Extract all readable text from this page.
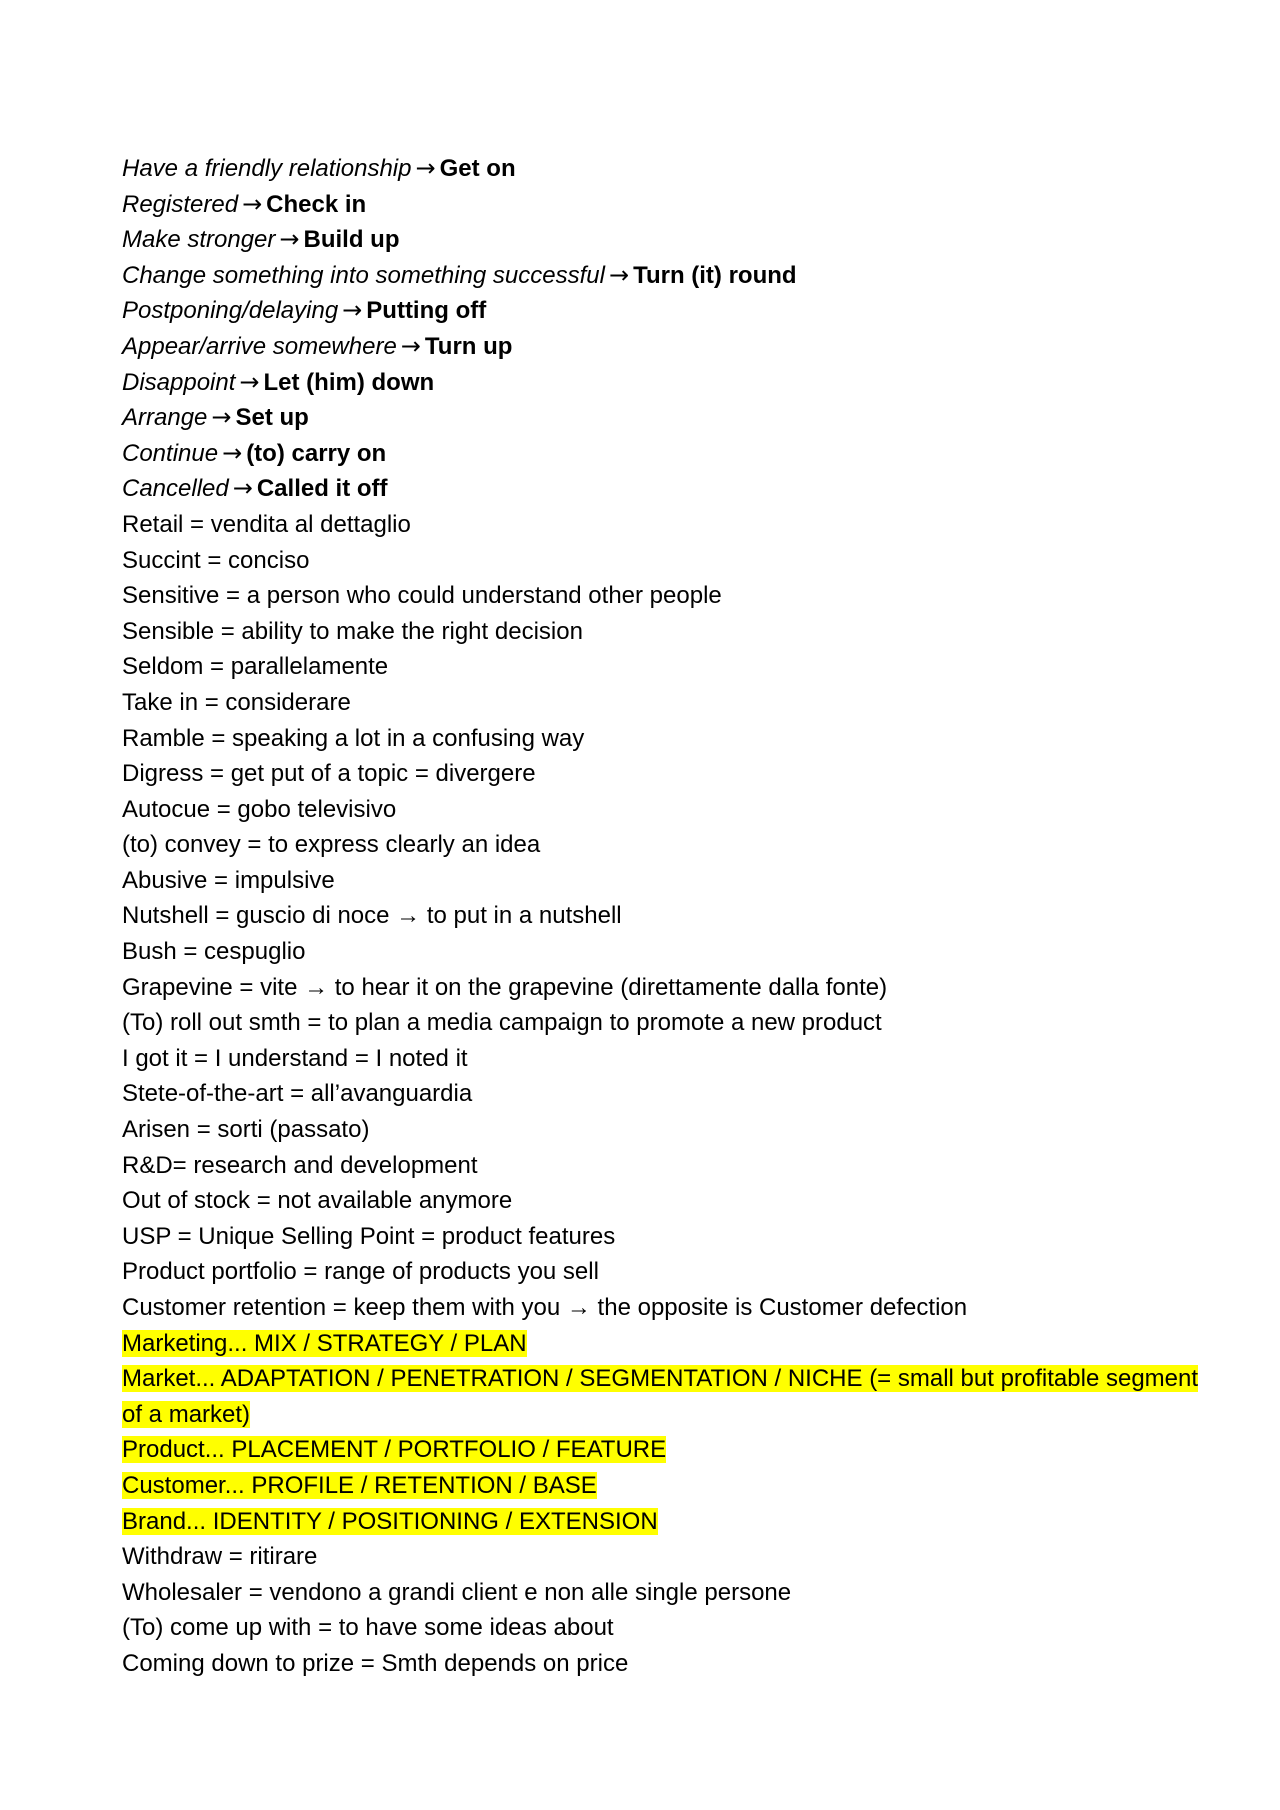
Have a friendly relationship → Get on
Registered → Check in
Make stronger → Build up
Change something into something successful → Turn (it) round
Postponing/delaying → Putting off
Appear/arrive somewhere → Turn up
Disappoint → Let (him) down
Arrange → Set up
Continue → (to) carry on
Cancelled → Called it off
Retail = vendita al dettaglio
Succint = conciso
Sensitive = a person who could understand other people
Sensible = ability to make the right decision
Seldom = parallelamente
Take in = considerare
Ramble = speaking a lot in a confusing way
Digress = get put of a topic = divergere
Autocue = gobo televisivo
(to) convey = to express clearly an idea
Abusive = impulsive
Nutshell = guscio di noce → to put in a nutshell
Bush = cespuglio
Grapevine = vite → to hear it on the grapevine (direttamente dalla fonte)
(To) roll out smth = to plan a media campaign to promote a new product
I got it = I understand = I noted it
Stete-of-the-art = all’avanguardia
Arisen = sorti (passato)
R&D= research and development
Out of stock = not available anymore
USP = Unique Selling Point = product features
Product portfolio = range of products you sell
Customer retention = keep them with you → the opposite is Customer defection
Marketing... MIX / STRATEGY / PLAN
Market... ADAPTATION / PENETRATION / SEGMENTATION / NICHE (= small but profitable segment
of a market)
Product... PLACEMENT / PORTFOLIO / FEATURE
Customer... PROFILE / RETENTION / BASE
Brand... IDENTITY / POSITIONING / EXTENSION
Withdraw = ritirare
Wholesaler = vendono a grandi client e non alle single persone
(To) come up with = to have some ideas about
Coming down to prize = Smth depends on price
